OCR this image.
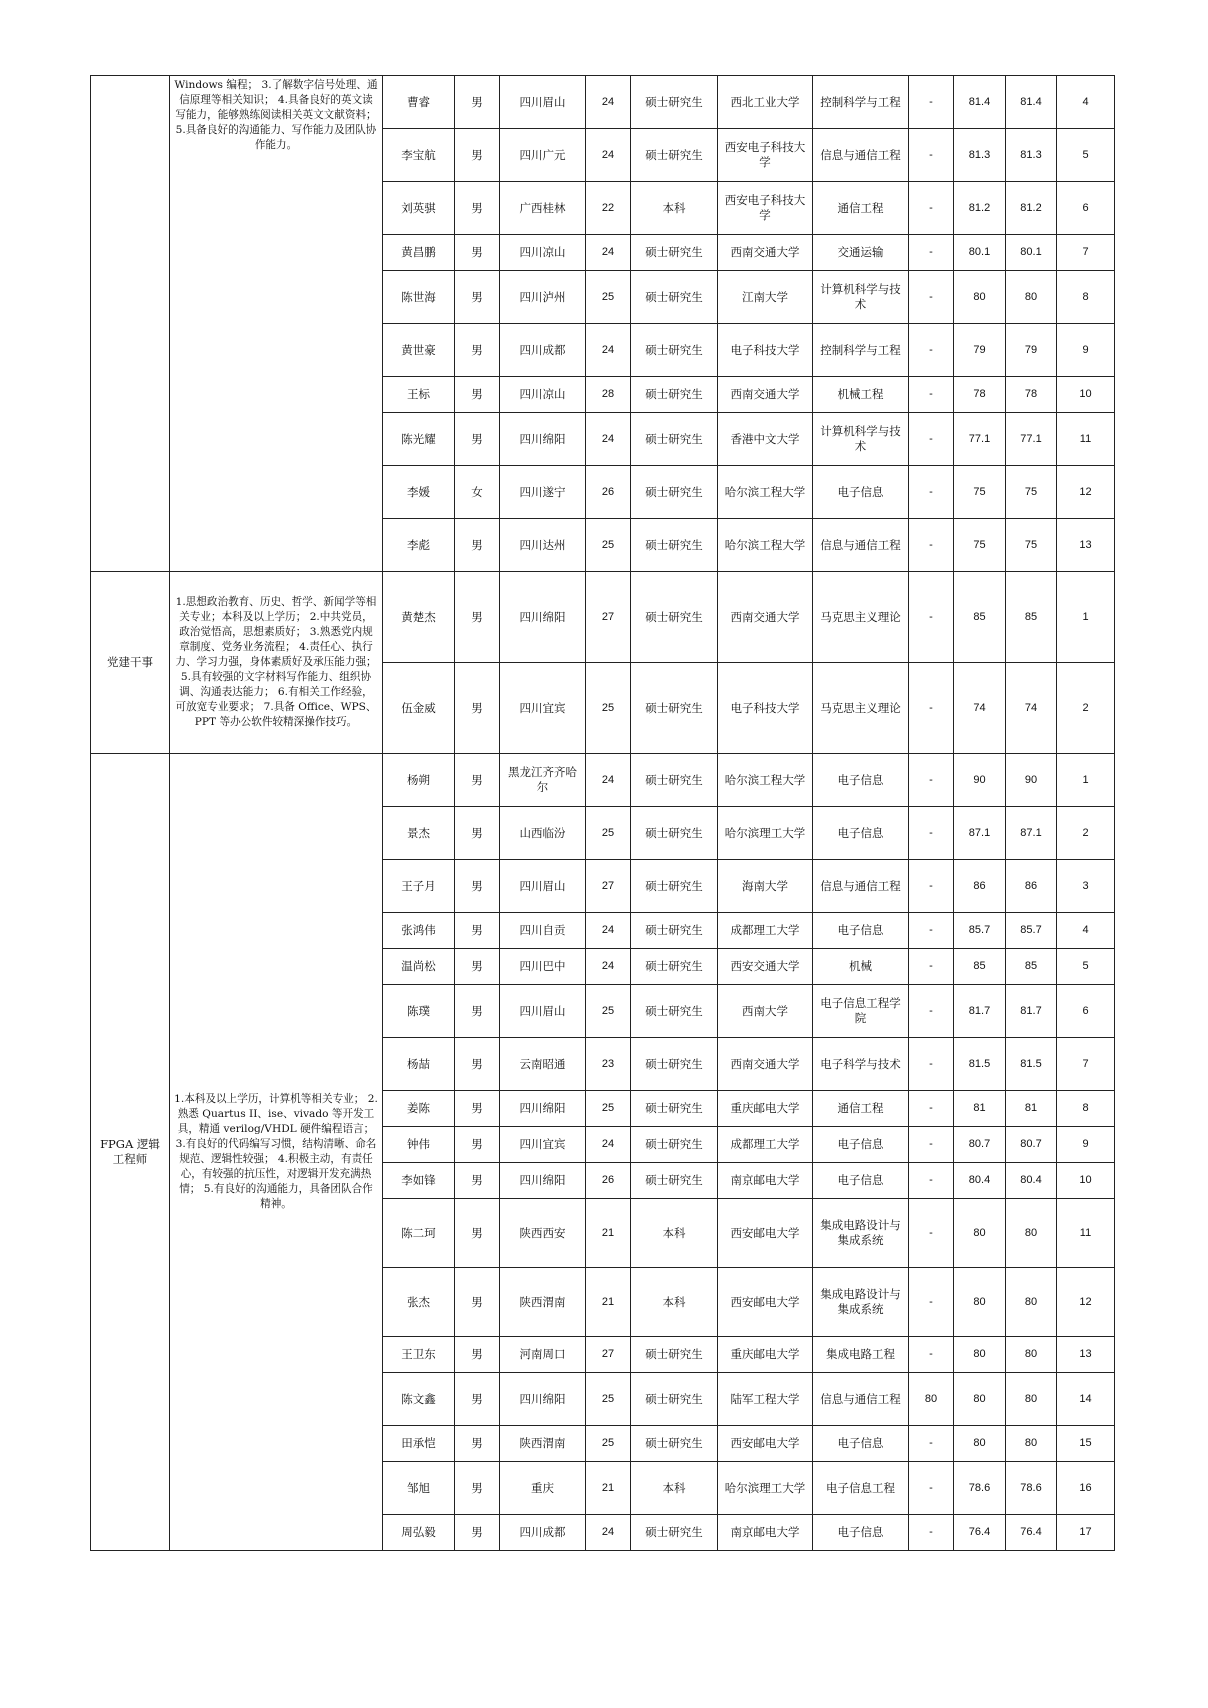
	Windows 编程； 3.了解数字信号处理、通信原理等相关知识； 4.具备良好的英文读写能力，能够熟练阅读相关英文文献资料； 5.具备良好的沟通能力、写作能力及团队协作能力。	曹睿	男	四川眉山	24	硕士研究生	西北工业大学	控制科学与工程	-	81.4	81.4	4
		李宝航	男	四川广元	24	硕士研究生	西安电子科技大学	信息与通信工程	-	81.3	81.3	5
		刘英骐	男	广西桂林	22	本科	西安电子科技大学	通信工程	-	81.2	81.2	6
		黄昌鹏	男	四川凉山	24	硕士研究生	西南交通大学	交通运输	-	80.1	80.1	7
		陈世海	男	四川泸州	25	硕士研究生	江南大学	计算机科学与技术	-	80	80	8
		黄世豪	男	四川成都	24	硕士研究生	电子科技大学	控制科学与工程	-	79	79	9
		王标	男	四川凉山	28	硕士研究生	西南交通大学	机械工程	-	78	78	10
		陈光耀	男	四川绵阳	24	硕士研究生	香港中文大学	计算机科学与技术	-	77.1	77.1	11
		李媛	女	四川遂宁	26	硕士研究生	哈尔滨工程大学	电子信息	-	75	75	12
		李彪	男	四川达州	25	硕士研究生	哈尔滨工程大学	信息与通信工程	-	75	75	13
党建干事	1.思想政治教育、历史、哲学、新闻学等相关专业；本科及以上学历； 2.中共党员，政治觉悟高，思想素质好； 3.熟悉党内规章制度、党务业务流程； 4.责任心、执行力、学习力强，身体素质好及承压能力强； 5.具有较强的文字材料写作能力、组织协调、沟通表达能力； 6.有相关工作经验，可放宽专业要求； 7.具备 Office、WPS、PPT 等办公软件较精深操作技巧。	黄楚杰	男	四川绵阳	27	硕士研究生	西南交通大学	马克思主义理论	-	85	85	1
		伍金威	男	四川宜宾	25	硕士研究生	电子科技大学	马克思主义理论	-	74	74	2
FPGA 逻辑工程师	1.本科及以上学历，计算机等相关专业； 2.熟悉 Quartus II、ise、vivado 等开发工具，精通 verilog/VHDL 硬件编程语言； 3.有良好的代码编写习惯，结构清晰、命名规范、逻辑性较强； 4.积极主动，有责任心，有较强的抗压性，对逻辑开发充满热情； 5.有良好的沟通能力，具备团队合作精神。	杨朔	男	黑龙江齐齐哈尔	24	硕士研究生	哈尔滨工程大学	电子信息	-	90	90	1
		景杰	男	山西临汾	25	硕士研究生	哈尔滨理工大学	电子信息	-	87.1	87.1	2
		王子月	男	四川眉山	27	硕士研究生	海南大学	信息与通信工程	-	86	86	3
		张鸿伟	男	四川自贡	24	硕士研究生	成都理工大学	电子信息	-	85.7	85.7	4
		温尚松	男	四川巴中	24	硕士研究生	西安交通大学	机械	-	85	85	5
		陈璞	男	四川眉山	25	硕士研究生	西南大学	电子信息工程学院	-	81.7	81.7	6
		杨喆	男	云南昭通	23	硕士研究生	西南交通大学	电子科学与技术	-	81.5	81.5	7
		姜陈	男	四川绵阳	25	硕士研究生	重庆邮电大学	通信工程	-	81	81	8
		钟伟	男	四川宜宾	24	硕士研究生	成都理工大学	电子信息	-	80.7	80.7	9
		李如锋	男	四川绵阳	26	硕士研究生	南京邮电大学	电子信息	-	80.4	80.4	10
		陈二珂	男	陕西西安	21	本科	西安邮电大学	集成电路设计与集成系统	-	80	80	11
		张杰	男	陕西渭南	21	本科	西安邮电大学	集成电路设计与集成系统	-	80	80	12
		王卫东	男	河南周口	27	硕士研究生	重庆邮电大学	集成电路工程	-	80	80	13
		陈文鑫	男	四川绵阳	25	硕士研究生	陆军工程大学	信息与通信工程	80	80	80	14
		田承恺	男	陕西渭南	25	硕士研究生	西安邮电大学	电子信息	-	80	80	15
		邹旭	男	重庆	21	本科	哈尔滨理工大学	电子信息工程	-	78.6	78.6	16
		周弘毅	男	四川成都	24	硕士研究生	南京邮电大学	电子信息	-	76.4	76.4	17
